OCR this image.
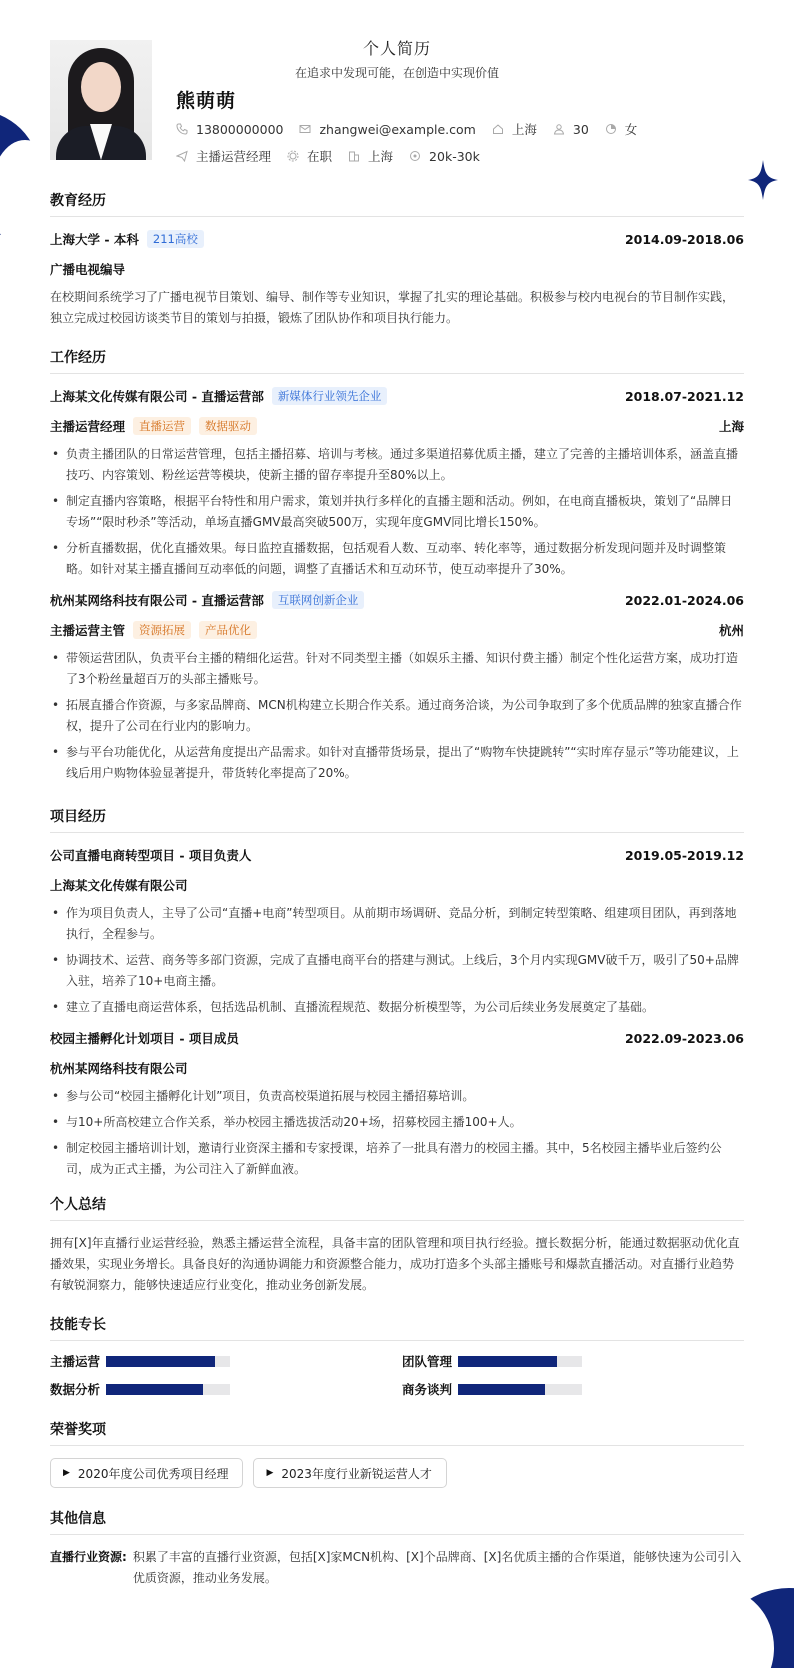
个人简历
在追求中发现可能，在创造中实现价值
熊萌萌
13800000000	zhangwei@example.com	上海	30	女
主播运营经理	在职	上海	20k-30k
教育经历
上海大学 - 本科	211高校	2014.09-2018.06
广播电视编导
在校期间系统学习了广播电视节目策划、编导、制作等专业知识，掌握了扎实的理论基础。积极参与校内电视台的节目制作实践，独立完成过校园访谈类节目的策划与拍摄，锻炼了团队协作和项目执行能力。
工作经历
上海某文化传媒有限公司 - 直播运营部	新媒体行业领先企业	2018.07-2021.12
主播运营经理	直播运营	数据驱动	上海
• 负责主播团队的日常运营管理，包括主播招募、培训与考核。通过多渠道招募优质主播，建立了完善的主播培训体系，涵盖直播技巧、内容策划、粉丝运营等模块，使新主播的留存率提升至80%以上。
• 制定直播内容策略，根据平台特性和用户需求，策划并执行多样化的直播主题和活动。例如，在电商直播板块，策划了“品牌日专场”“限时秒杀”等活动，单场直播GMV最高突破500万，实现年度GMV同比增长150%。
• 分析直播数据，优化直播效果。每日监控直播数据，包括观看人数、互动率、转化率等，通过数据分析发现问题并及时调整策略。如针对某主播直播间互动率低的问题，调整了直播话术和互动环节，使互动率提升了30%。
杭州某网络科技有限公司 - 直播运营部	互联网创新企业	2022.01-2024.06
主播运营主管	资源拓展	产品优化	杭州
• 带领运营团队，负责平台主播的精细化运营。针对不同类型主播（如娱乐主播、知识付费主播）制定个性化运营方案，成功打造了3个粉丝量超百万的头部主播账号。
• 拓展直播合作资源，与多家品牌商、MCN机构建立长期合作关系。通过商务洽谈，为公司争取到了多个优质品牌的独家直播合作权，提升了公司在行业内的影响力。
• 参与平台功能优化，从运营角度提出产品需求。如针对直播带货场景，提出了“购物车快捷跳转”“实时库存显示”等功能建议，上线后用户购物体验显著提升，带货转化率提高了20%。
项目经历
公司直播电商转型项目 - 项目负责人	2019.05-2019.12
上海某文化传媒有限公司
• 作为项目负责人，主导了公司“直播+电商”转型项目。从前期市场调研、竞品分析，到制定转型策略、组建项目团队，再到落地执行，全程参与。
• 协调技术、运营、商务等多部门资源，完成了直播电商平台的搭建与测试。上线后，3个月内实现GMV破千万，吸引了50+品牌入驻，培养了10+电商主播。
• 建立了直播电商运营体系，包括选品机制、直播流程规范、数据分析模型等，为公司后续业务发展奠定了基础。
校园主播孵化计划项目 - 项目成员	2022.09-2023.06
杭州某网络科技有限公司
• 参与公司“校园主播孵化计划”项目，负责高校渠道拓展与校园主播招募培训。
• 与10+所高校建立合作关系，举办校园主播选拔活动20+场，招募校园主播100+人。
• 制定校园主播培训计划，邀请行业资深主播和专家授课，培养了一批具有潜力的校园主播。其中，5名校园主播毕业后签约公司，成为正式主播，为公司注入了新鲜血液。
个人总结
拥有[X]年直播行业运营经验，熟悉主播运营全流程，具备丰富的团队管理和项目执行经验。擅长数据分析，能通过数据驱动优化直播效果，实现业务增长。具备良好的沟通协调能力和资源整合能力，成功打造多个头部主播账号和爆款直播活动。对直播行业趋势有敏锐洞察力，能够快速适应行业变化，推动业务创新发展。
技能专长
主播运营	团队管理
数据分析	商务谈判
荣誉奖项
▶ 2020年度公司优秀项目经理	▶ 2023年度行业新锐运营人才
其他信息
直播行业资源: 积累了丰富的直播行业资源，包括[X]家MCN机构、[X]个品牌商、[X]名优质主播的合作渠道，能够快速为公司引入优质资源，推动业务发展。
